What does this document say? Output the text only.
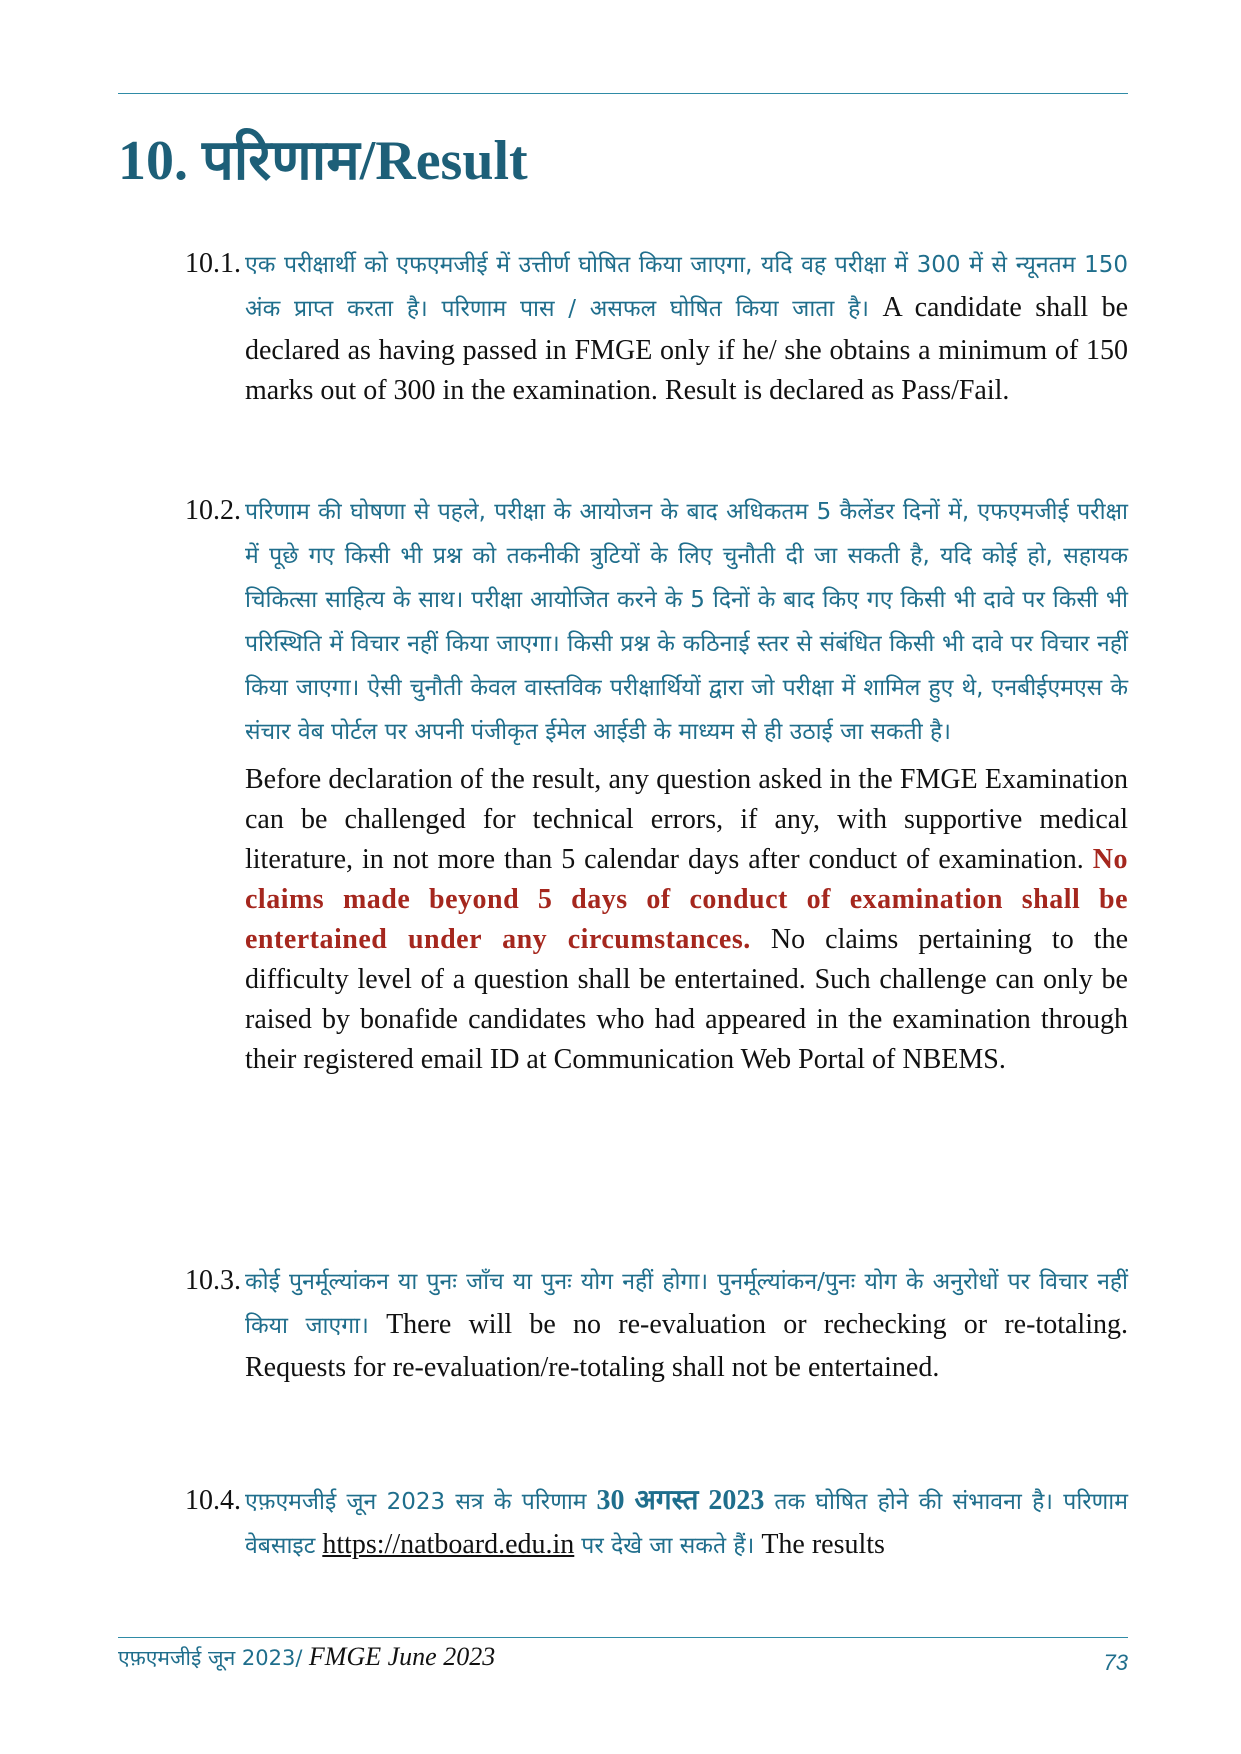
10. परिणाम/Result
10.1. एक परीक्षार्थी को एफएमजीई में उत्तीर्ण घोषित किया जाएगा, यदि वह परीक्षा में 300 में से न्यूनतम 150 अंक प्राप्त करता है। परिणाम पास / असफल घोषित किया जाता है। A candidate shall be declared as having passed in FMGE only if he/ she obtains a minimum of 150 marks out of 300 in the examination. Result is declared as Pass/Fail.
10.2. परिणाम की घोषणा से पहले, परीक्षा के आयोजन के बाद अधिकतम 5 कैलेंडर दिनों में, एफएमजीई परीक्षा में पूछे गए किसी भी प्रश्न को तकनीकी त्रुटियों के लिए चुनौती दी जा सकती है, यदि कोई हो, सहायक चिकित्सा साहित्य के साथ। परीक्षा आयोजित करने के 5 दिनों के बाद किए गए किसी भी दावे पर किसी भी परिस्थिति में विचार नहीं किया जाएगा। किसी प्रश्न के कठिनाई स्तर से संबंधित किसी भी दावे पर विचार नहीं किया जाएगा। ऐसी चुनौती केवल वास्तविक परीक्षार्थियों द्वारा जो परीक्षा में शामिल हुए थे, एनबीईएमएस के संचार वेब पोर्टल पर अपनी पंजीकृत ईमेल आईडी के माध्यम से ही उठाई जा सकती है।
Before declaration of the result, any question asked in the FMGE Examination can be challenged for technical errors, if any, with supportive medical literature, in not more than 5 calendar days after conduct of examination. No claims made beyond 5 days of conduct of examination shall be entertained under any circumstances. No claims pertaining to the difficulty level of a question shall be entertained. Such challenge can only be raised by bonafide candidates who had appeared in the examination through their registered email ID at Communication Web Portal of NBEMS.
10.3. कोई पुनर्मूल्यांकन या पुनः जाँच या पुनः योग नहीं होगा। पुनर्मूल्यांकन/पुनः योग के अनुरोधों पर विचार नहीं किया जाएगा। There will be no re-evaluation or rechecking or re-totaling. Requests for re-evaluation/re-totaling shall not be entertained.
10.4. एफ़एमजीई जून 2023 सत्र के परिणाम 30 अगस्त 2023 तक घोषित होने की संभावना है। परिणाम वेबसाइट https://natboard.edu.in पर देखे जा सकते हैं। The results
एफ़एमजीई जून 2023/ FMGE June 2023	73
